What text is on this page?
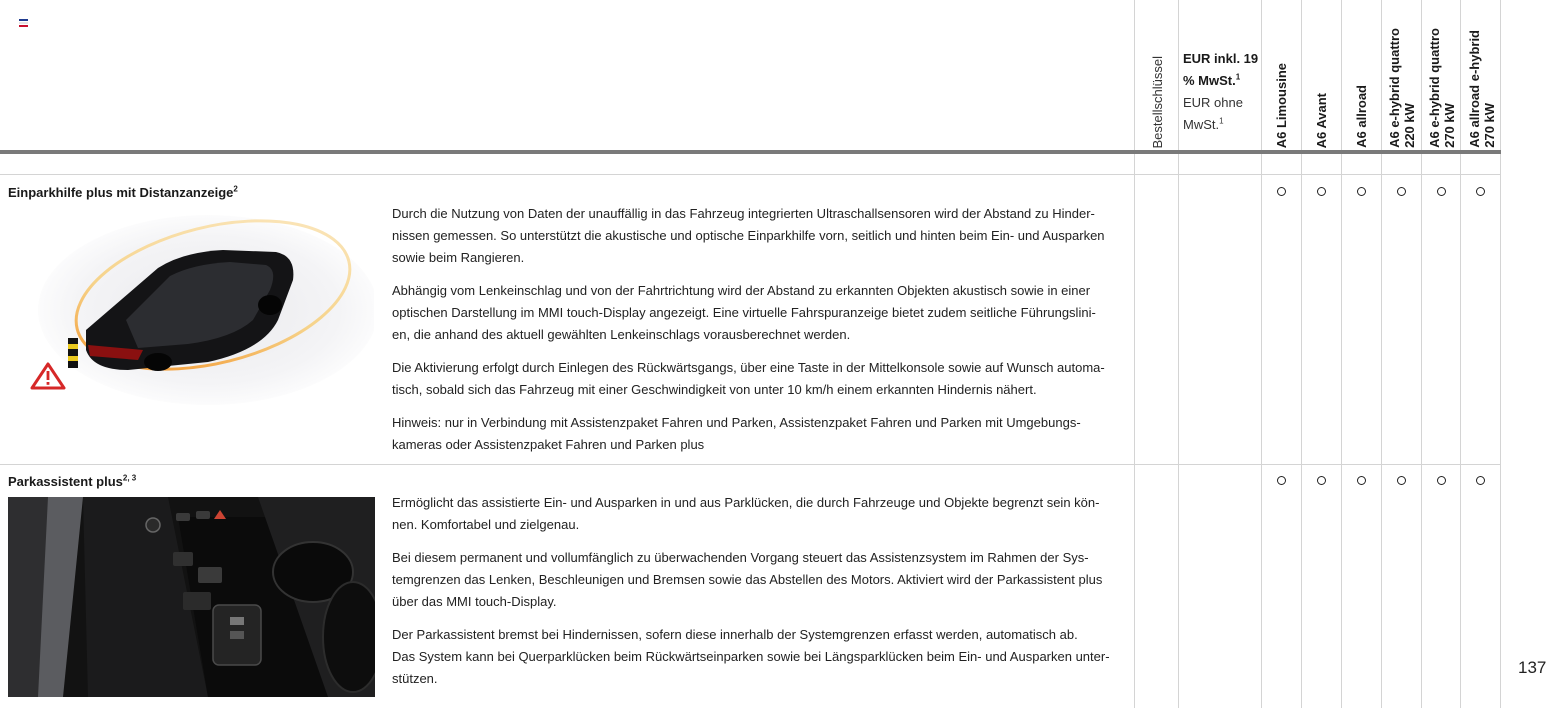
Bestellschlüssel EUR inkl. 19 % MwSt.$^1$
EUR ohne MwSt.$^1$	A6 Limousine A6 Avant A6 allroad A6 e-hybrid quattro
220 kW
A6 e-hybrid quattro
270 kW
A6 allroad e-hybrid
270 kW
Einparkhilfe plus mit Distanzanzeige$^2$

Durch die Nutzung von Daten der unauffällig in das Fahrzeug integrierten Ultraschallsensoren wird der Abstand zu Hinder-
nissen gemessen. So unterstützt die akustische und optische Einparkhilfe vorn, seitlich und hinten beim Ein- und Ausparken
sowie beim Rangieren.

Abhängig vom Lenkeinschlag und von der Fahrtrichtung wird der Abstand zu erkannten Objekten akustisch sowie in einer
optischen Darstellung im MMI touch-Display angezeigt. Eine virtuelle Fahrspuranzeige bietet zudem seitliche Führungslini-
en, die anhand des aktuell gewählten Lenkeinschlags vorausberechnet werden.

Die Aktivierung erfolgt durch Einlegen des Rückwärtsgangs, über eine Taste in der Mittelkonsole sowie auf Wunsch automa-
tisch, sobald sich das Fahrzeug mit einer Geschwindigkeit von unter 10 km/h einem erkannten Hindernis nähert.

Hinweis: nur in Verbindung mit Assistenzpaket Fahren und Parken, Assistenzpaket Fahren und Parken mit Umgebungs-
kameras oder Assistenzpaket Fahren und Parken plus

Parkassistent plus$^{2, 3}$

Ermöglicht das assistierte Ein- und Ausparken in und aus Parklücken, die durch Fahrzeuge und Objekte begrenzt sein kön-
nen. Komfortabel und zielgenau.

Bei diesem permanent und vollumfänglich zu überwachenden Vorgang steuert das Assistenzsystem im Rahmen der Sys-
temgrenzen das Lenken, Beschleunigen und Bremsen sowie das Abstellen des Motors. Aktiviert wird der Parkassistent plus
über das MMI touch-Display.

Der Parkassistent bremst bei Hindernissen, sofern diese innerhalb der Systemgrenzen erfasst werden, automatisch ab.
Das System kann bei Querparklücken beim Rückwärtseinparken sowie bei Längsparklücken beim Ein- und Ausparken unter-
stützen.

137
